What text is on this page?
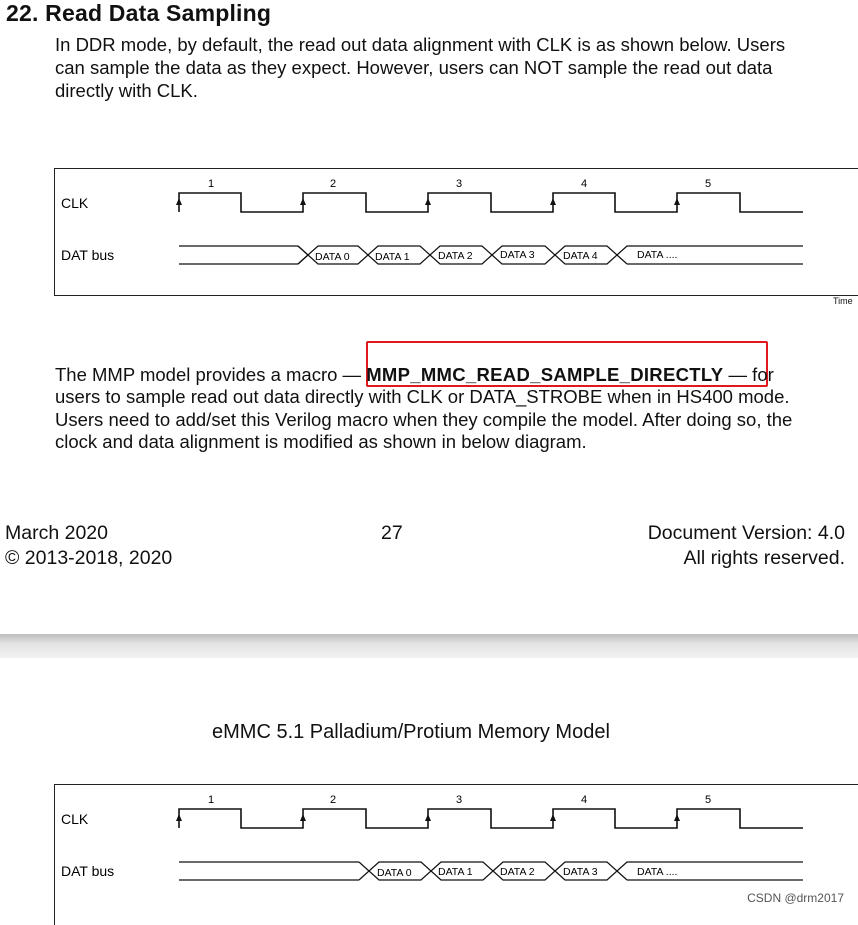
22. Read Data Sampling
In DDR mode, by default, the read out data alignment with CLK is as shown below. Users
can sample the data as they expect. However, users can NOT sample the read out data
directly with CLK.
CLK
DAT bus
1	2	3	4	5
DATA 0 DATA 1	DATA 2	DATA 3	DATA 4	DATA ....
Time
The MMP model provides a macro — MMP_MMC_READ_SAMPLE_DIRECTLY — for
users to sample read out data directly with CLK or DATA_STROBE when in HS400 mode.
Users need to add/set this Verilog macro when they compile the model. After doing so, the
clock and data alignment is modified as shown in below diagram.
March 2020
© 2013-2018, 2020
27	Document Version: 4.0
All rights reserved.
eMMC 5.1 Palladium/Protium Memory Model
CLK
DAT bus
1	2	3	4	5
DATA 0	DATA 1	DATA 2	DATA 3	DATA ....
CSDN @drm2017
